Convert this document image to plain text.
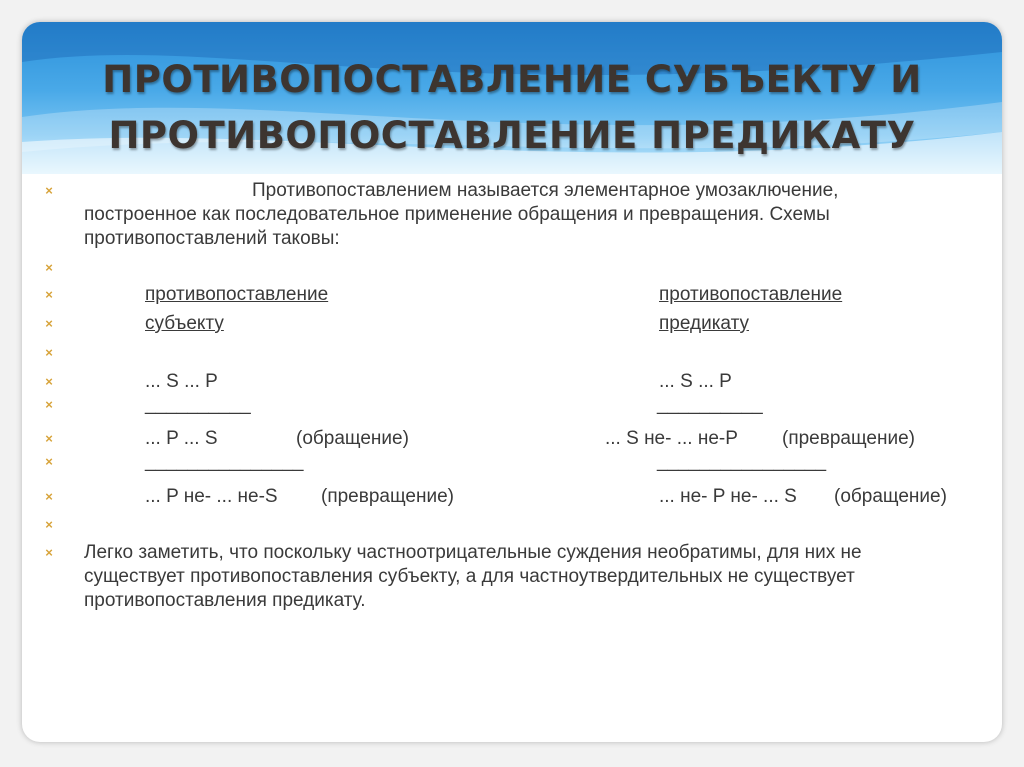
ПРОТИВОПОСТАВЛЕНИЕ СУБЪЕКТУ И
ПРОТИВОПОСТАВЛЕНИЕ ПРЕДИКАТУ
×	Противопоставлением называется элементарное умозаключение,
построенное как последовательное применение обращения и превращения. Схемы
противопоставлений таковы:
×
×	противопоставление	противопоставление
×	субъекту	предикату
×
×	... S ... P	... S ... P
×	__________	__________
×	... P ... S	(обращение)	... S не- ... не-P (превращение)
×	_______________	________________
×	... P не- ... не-S (превращение)	... не- P не- ... S (обращение)
×
× Легко заметить, что поскольку частноотрицательные суждения необратимы, для них не
существует противопоставления субъекту, а для частноутвердительных не существует
противопоставления предикату.
